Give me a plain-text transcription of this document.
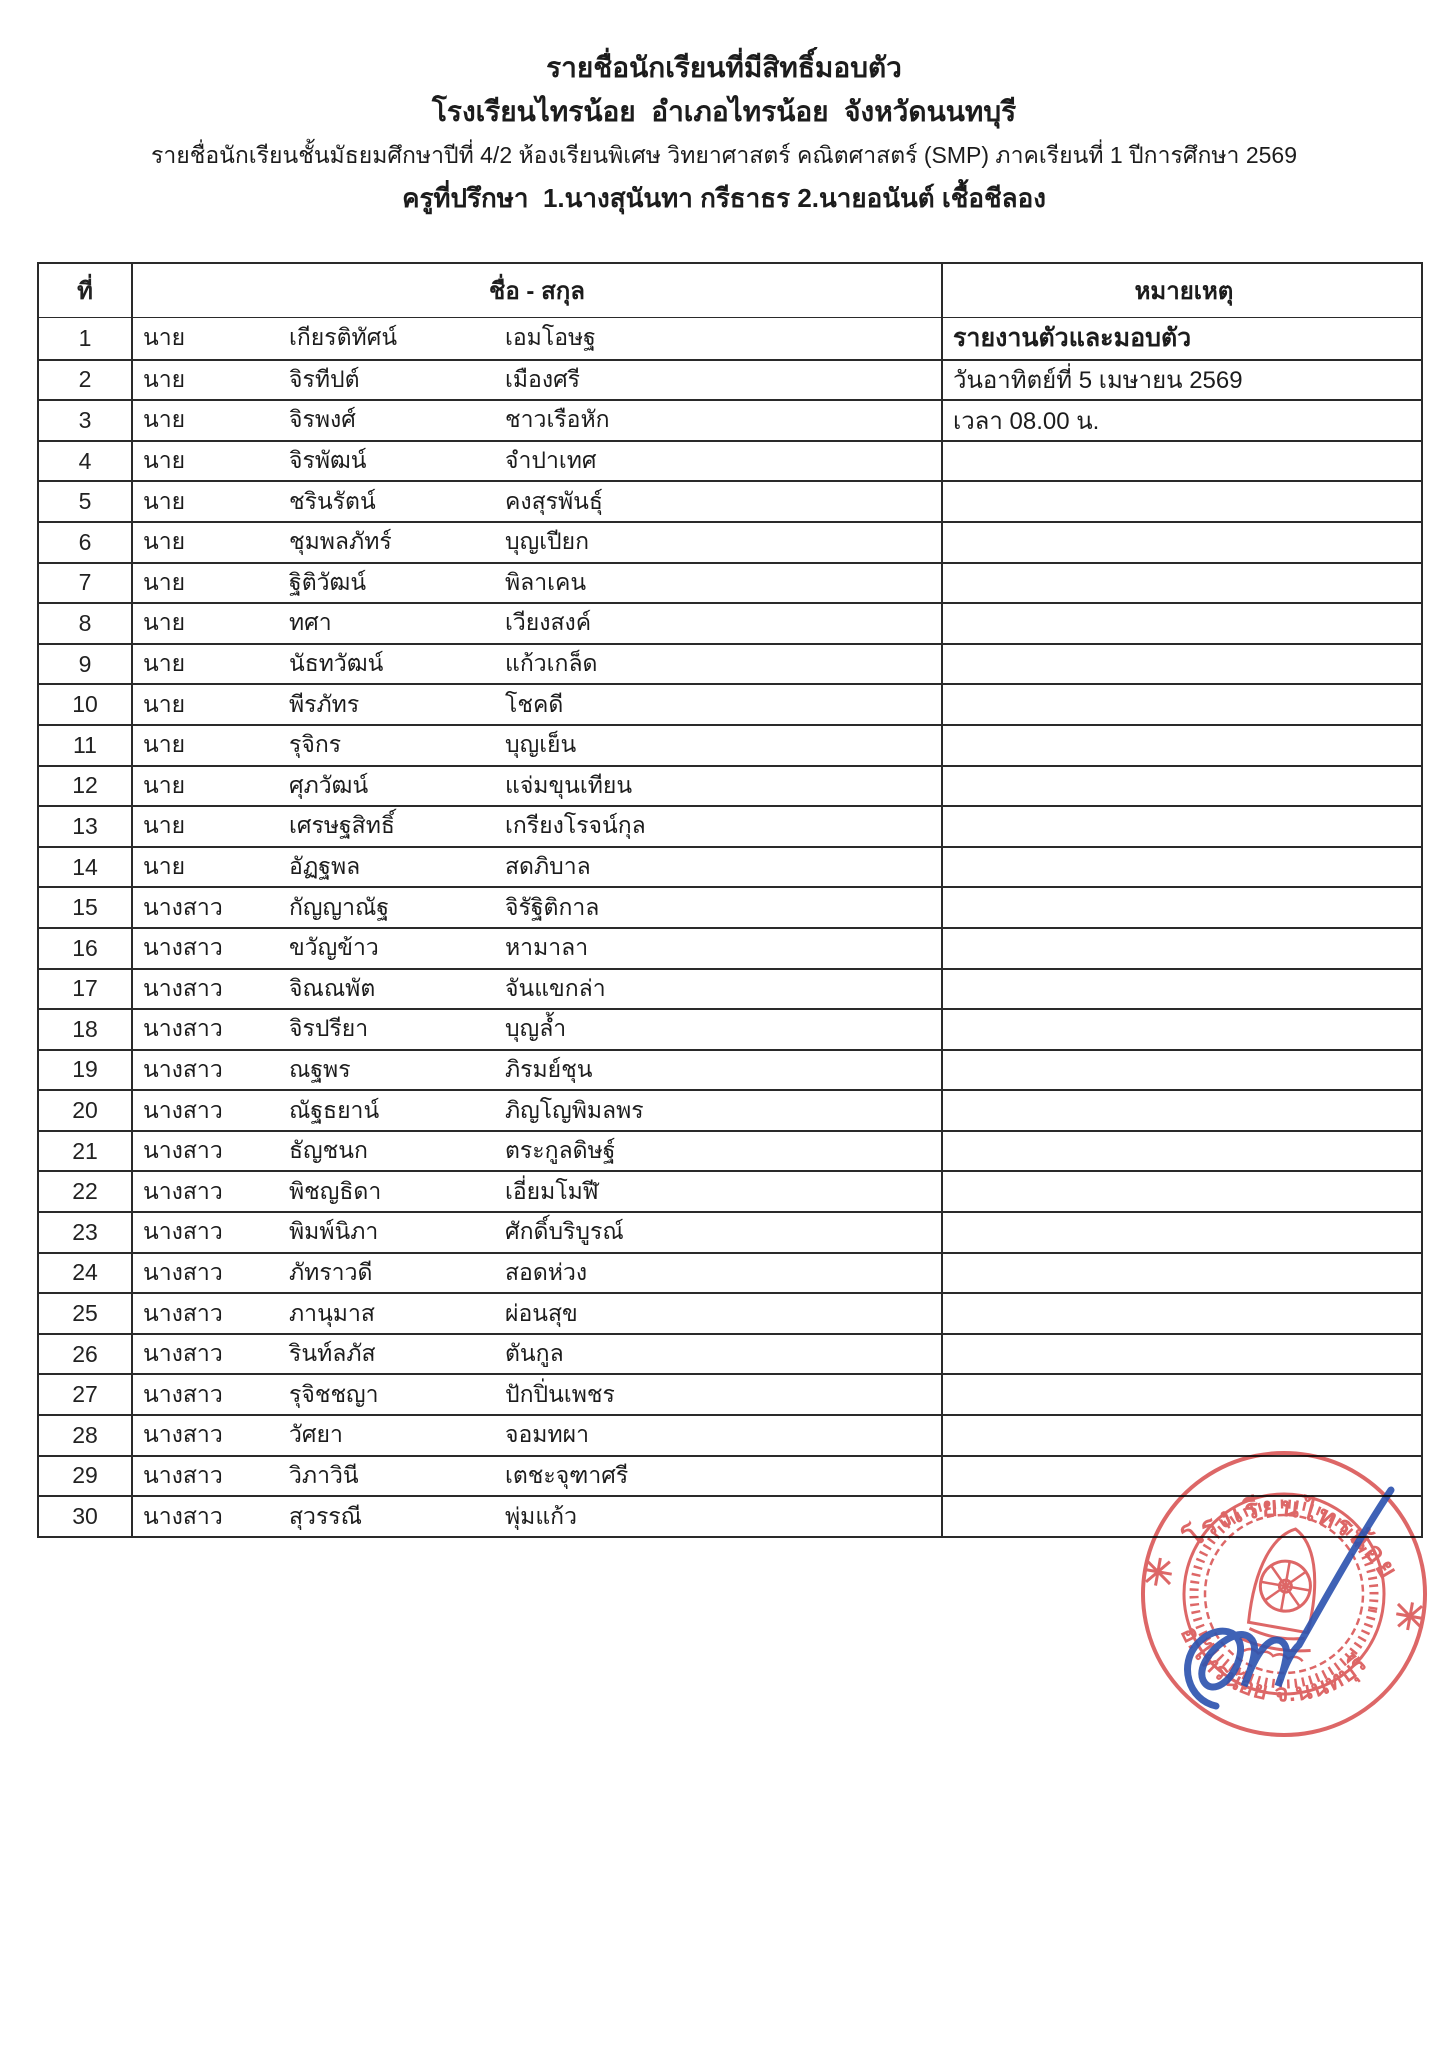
รายชื่อนักเรียนที่มีสิทธิ์มอบตัว
โรงเรียนไทรน้อย  อำเภอไทรน้อย  จังหวัดนนทบุรี
รายชื่อนักเรียนชั้นมัธยมศึกษาปีที่ 4/2 ห้องเรียนพิเศษ วิทยาศาสตร์ คณิตศาสตร์ (SMP) ภาคเรียนที่ 1 ปีการศึกษา 2569
ครูที่ปรึกษา  1.นางสุนันทา กรีธาธร 2.นายอนันต์ เชื้อชีลอง
ที่	ชื่อ - สกุล	หมายเหตุ
1	นาย	เกียรติทัศน์	เอมโอษฐ	รายงานตัวและมอบตัว
2	นาย	จิรทีปต์	เมืองศรี	วันอาทิตย์ที่ 5 เมษายน 2569
3	นาย	จิรพงศ์	ชาวเรือหัก	เวลา 08.00 น.
4	นาย	จิรพัฒน์	จำปาเทศ
5	นาย	ชรินรัตน์	คงสุรพันธุ์
6	นาย	ชุมพลภัทร์	บุญเปียก
7	นาย	ฐิติวัฒน์	พิลาเคน
8	นาย	ทศา	เวียงสงค์
9	นาย	นัธทวัฒน์	แก้วเกล็ด
10	นาย	พีรภัทร	โชคดี
11	นาย	รุจิกร	บุญเย็น
12	นาย	ศุภวัฒน์	แจ่มขุนเทียน
13	นาย	เศรษฐสิทธิ์	เกรียงโรจน์กุล
14	นาย	อัฏฐพล	สดภิบาล
15	นางสาว	กัญญาณัฐ	จิรัฐิติกาล
16	นางสาว	ขวัญข้าว	หามาลา
17	นางสาว	จิณณพัต	จันแขกล่า
18	นางสาว	จิรปรียา	บุญล้ำ
19	นางสาว	ณฐพร	ภิรมย์ชุน
20	นางสาว	ณัฐธยาน์	ภิญโญพิมลพร
21	นางสาว	ธัญชนก	ตระกูลดิษฐ์
22	นางสาว	พิชญธิดา	เอี่ยมโมฬี
23	นางสาว	พิมพ์นิภา	ศักดิ์บริบูรณ์
24	นางสาว	ภัทราวดี	สอดห่วง
25	นางสาว	ภานุมาส	ผ่อนสุข
26	นางสาว	รินท์ลภัส	ตันกูล
27	นางสาว	รุจิชชญา	ปักปิ่นเพชร
28	นางสาว	วัศยา	จอมทผา
29	นางสาว	วิภาวินี	เตชะจุฑาศรี
30	นางสาว	สุวรรณี	พุ่มแก้ว
โรงเรียนไทรน้อย
อ.ไทรน้อย จ.นนทบุรี
